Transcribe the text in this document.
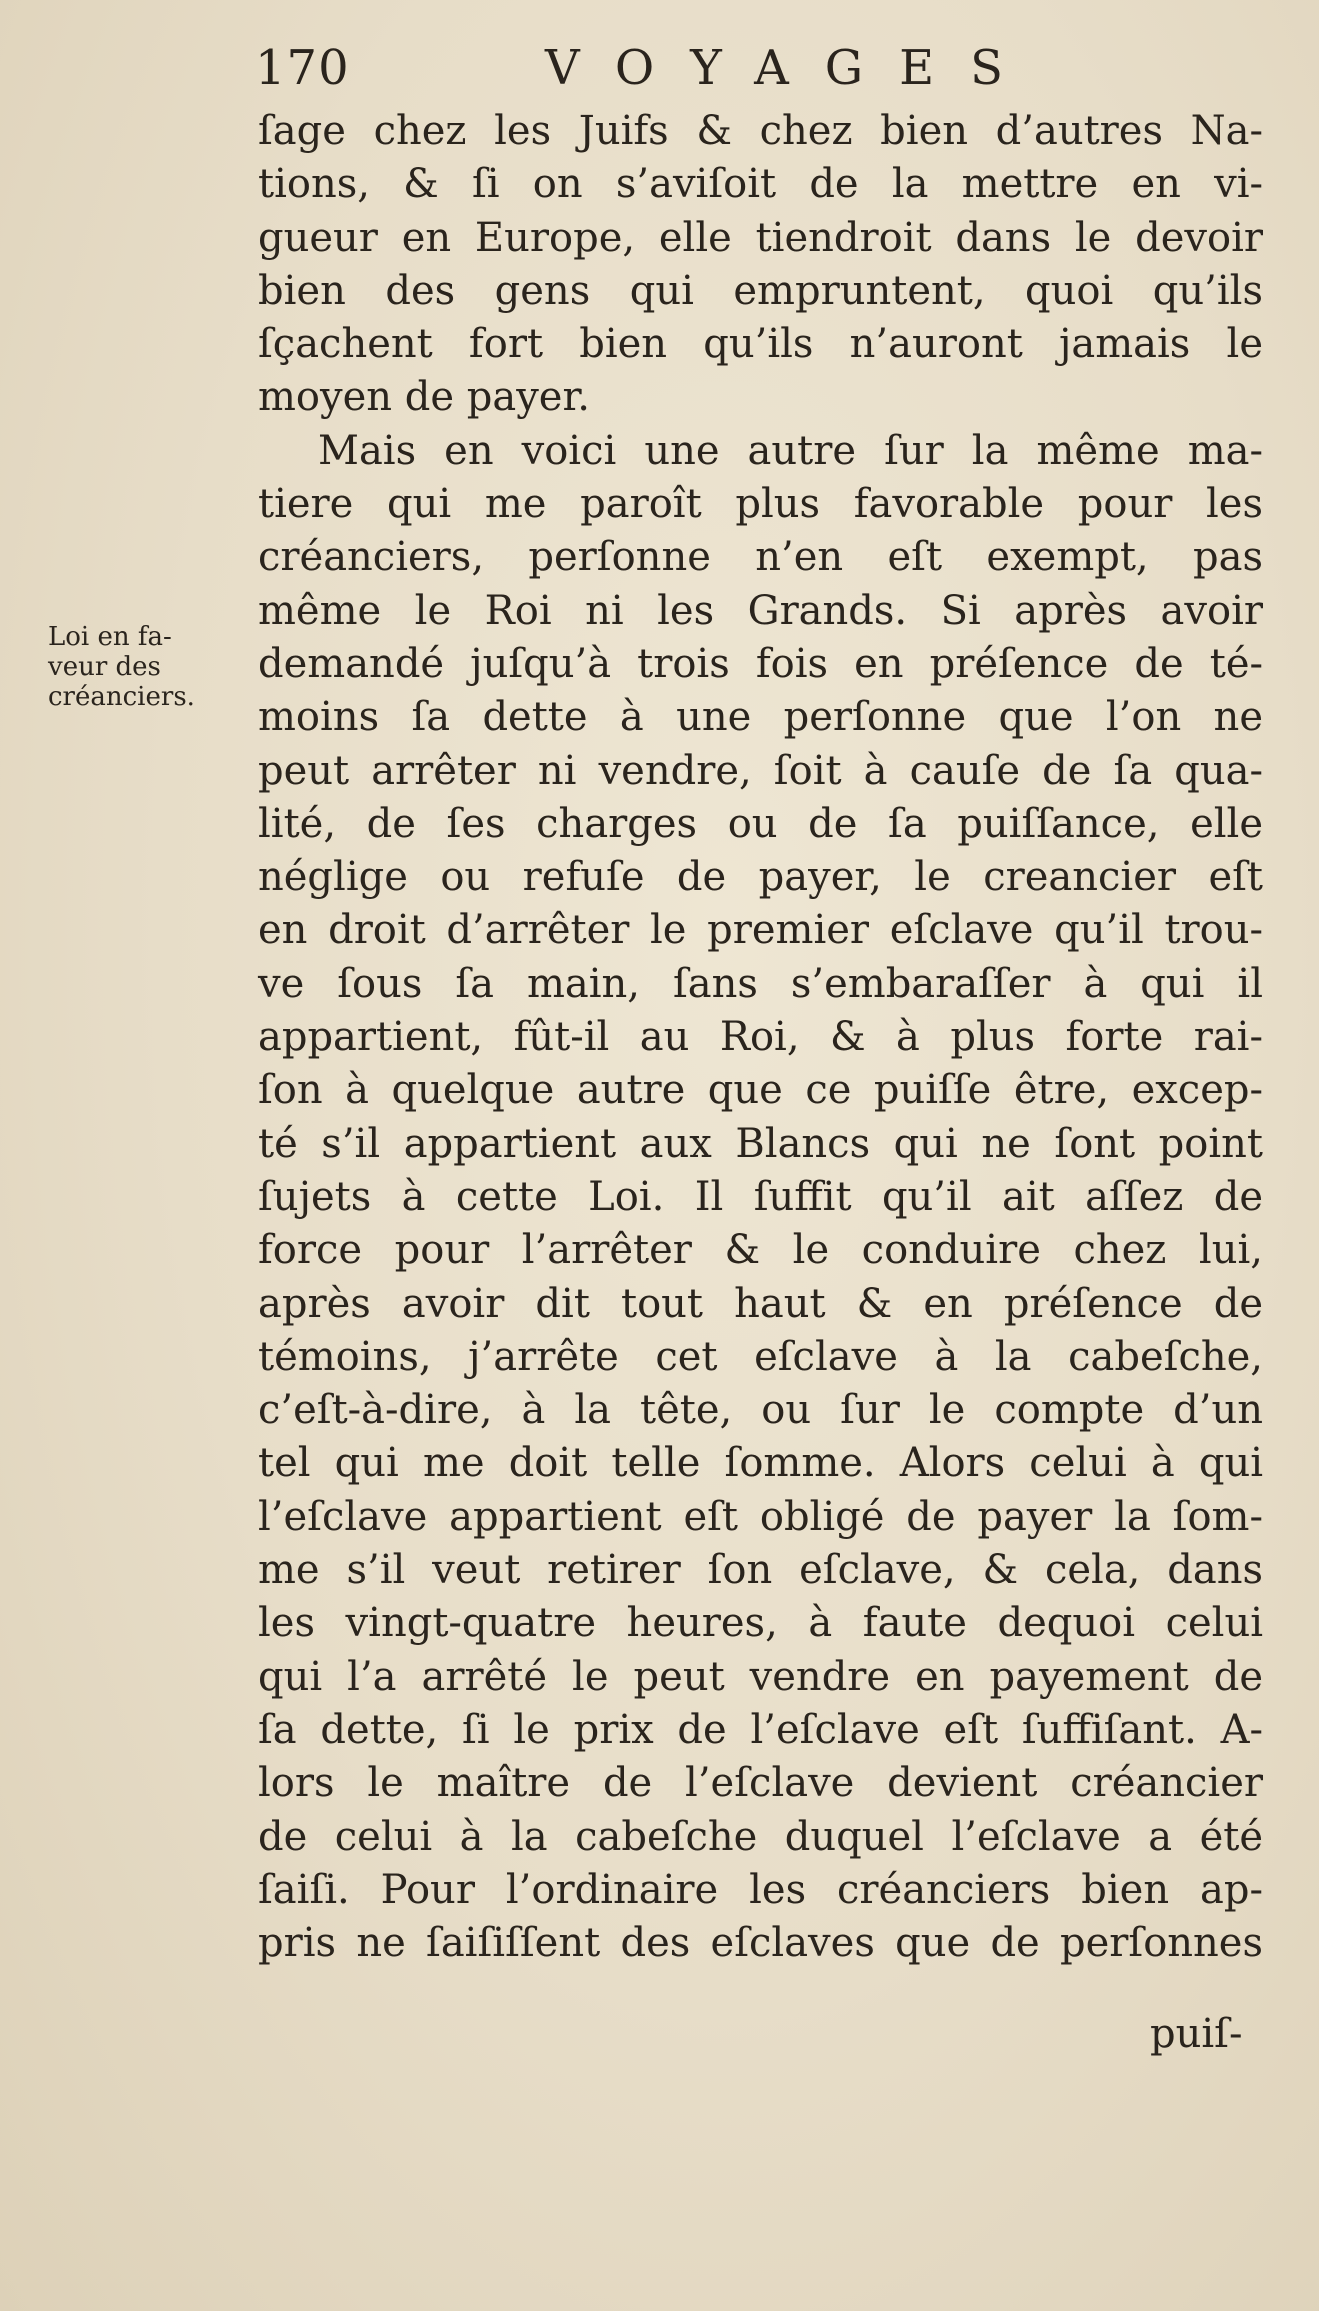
170	VOYAGES
Loi en fa-
veur des
créanciers.
ſage chez les Juifs & chez bien d’autres Na-
tions, & ſi on s’aviſoit de la mettre en vi-
gueur en Europe, elle tiendroit dans le devoir
bien des gens qui empruntent, quoi qu’ils
ſçachent fort bien qu’ils n’auront jamais le
moyen de payer.
Mais en voici une autre ſur la même ma-
tiere qui me paroît plus favorable pour les
créanciers, perſonne n’en eſt exempt, pas
même le Roi ni les Grands. Si après avoir
demandé juſqu’à trois fois en préſence de té-
moins ſa dette à une perſonne que l’on ne
peut arrêter ni vendre, ſoit à cauſe de ſa qua-
lité, de ſes charges ou de ſa puiſſance, elle
néglige ou refuſe de payer, le creancier eſt
en droit d’arrêter le premier eſclave qu’il trou-
ve ſous ſa main, ſans s’embaraſſer à qui il
appartient, fût-il au Roi, & à plus forte rai-
ſon à quelque autre que ce puiſſe être, excep-
té s’il appartient aux Blancs qui ne ſont point
ſujets à cette Loi. Il ſuffit qu’il ait aſſez de
force pour l’arrêter & le conduire chez lui,
après avoir dit tout haut & en préſence de
témoins, j’arrête cet eſclave à la cabeſche,
c’eſt-à-dire, à la tête, ou ſur le compte d’un
tel qui me doit telle ſomme. Alors celui à qui
l’eſclave appartient eſt obligé de payer la ſom-
me s’il veut retirer ſon eſclave, & cela, dans
les vingt-quatre heures, à faute dequoi celui
qui l’a arrêté le peut vendre en payement de
ſa dette, ſi le prix de l’eſclave eſt ſuffiſant. A-
lors le maître de l’eſclave devient créancier
de celui à la cabeſche duquel l’eſclave a été
ſaiſi. Pour l’ordinaire les créanciers bien ap-
pris ne ſaiſiſſent des eſclaves que de perſonnes
puiſ-
